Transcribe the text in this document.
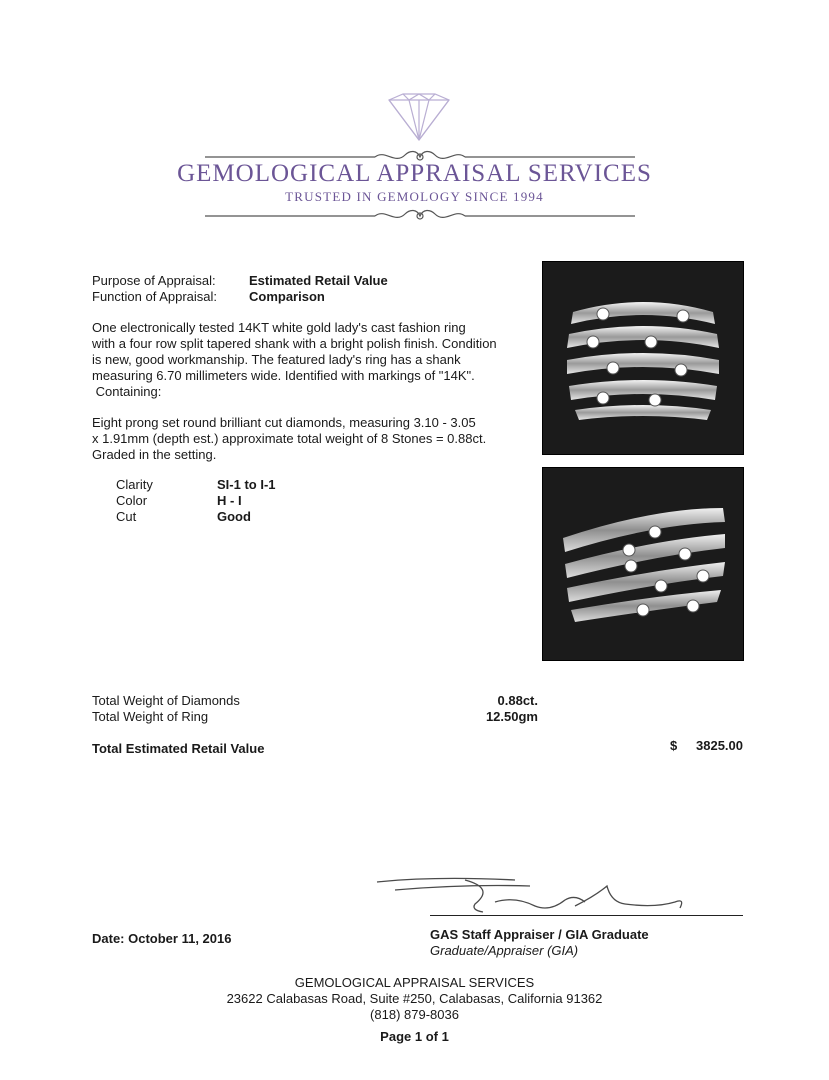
GEMOLOGICAL APPRAISAL SERVICES
TRUSTED IN GEMOLOGY SINCE 1994
Purpose of Appraisal:	Estimated Retail Value
Function of Appraisal: Comparison
One electronically tested 14KT white gold lady's cast fashion ring
with a four row split tapered shank with a bright polish finish. Condition
is new, good workmanship. The featured lady's ring has a shank
measuring 6.70 millimeters wide. Identified with markings of "14K".
Containing:
Eight prong set round brilliant cut diamonds, measuring 3.10 - 3.05
x 1.91mm (depth est.) approximate total weight of 8 Stones = 0.88ct.
Graded in the setting.
Clarity	SI-1 to I-1
Color	H - I
Cut	Good
Total Weight of Diamonds	0.88ct.
Total Weight of Ring	12.50gm
Total Estimated Retail Value	$	3825.00
Date: October 11, 2016	GAS Staff Appraiser / GIA Graduate
Graduate/Appraiser (GIA)
GEMOLOGICAL APPRAISAL SERVICES
23622 Calabasas Road, Suite #250, Calabasas, California 91362
(818) 879-8036
Page 1 of 1
